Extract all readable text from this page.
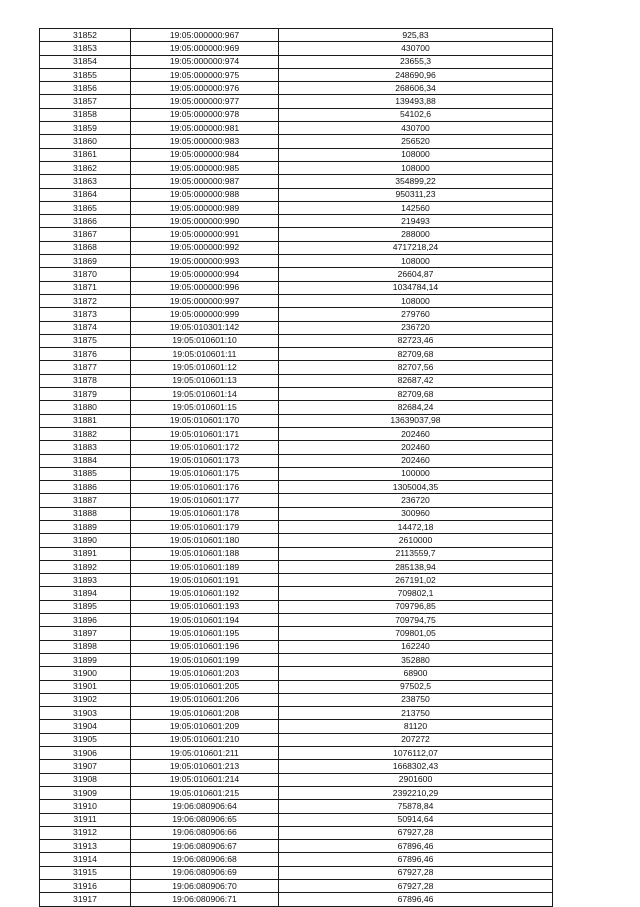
31852	19:05:000000:967	925,83
31853	19:05:000000:969	430700
31854	19:05:000000:974	23655,3
31855	19:05:000000:975	248690,96
31856	19:05:000000:976	268606,34
31857	19:05:000000:977	139493,88
31858	19:05:000000:978	54102,6
31859	19:05:000000:981	430700
31860	19:05:000000:983	256520
31861	19:05:000000:984	108000
31862	19:05:000000:985	108000
31863	19:05:000000:987	354899,22
31864	19:05:000000:988	950311,23
31865	19:05:000000:989	142560
31866	19:05:000000:990	219493
31867	19:05:000000:991	288000
31868	19:05:000000:992	4717218,24
31869	19:05:000000:993	108000
31870	19:05:000000:994	26604,87
31871	19:05:000000:996	1034784,14
31872	19:05:000000:997	108000
31873	19:05:000000:999	279760
31874	19:05:010301:142	236720
31875	19:05:010601:10	82723,46
31876	19:05:010601:11	82709,68
31877	19:05:010601:12	82707,56
31878	19:05:010601:13	82687,42
31879	19:05:010601:14	82709,68
31880	19:05:010601:15	82684,24
31881	19:05:010601:170	13639037,98
31882	19:05:010601:171	202460
31883	19:05:010601:172	202460
31884	19:05:010601:173	202460
31885	19:05:010601:175	100000
31886	19:05:010601:176	1305004,35
31887	19:05:010601:177	236720
31888	19:05:010601:178	300960
31889	19:05:010601:179	14472,18
31890	19:05:010601:180	2610000
31891	19:05:010601:188	2113559,7
31892	19:05:010601:189	285138,94
31893	19:05:010601:191	267191,02
31894	19:05:010601:192	709802,1
31895	19:05:010601:193	709796,85
31896	19:05:010601:194	709794,75
31897	19:05:010601:195	709801,05
31898	19:05:010601:196	162240
31899	19:05:010601:199	352880
31900	19:05:010601:203	68900
31901	19:05:010601:205	97502,5
31902	19:05:010601:206	238750
31903	19:05:010601:208	213750
31904	19:05:010601:209	81120
31905	19:05:010601:210	207272
31906	19:05:010601:211	1076112,07
31907	19:05:010601:213	1668302,43
31908	19:05:010601:214	2901600
31909	19:05:010601:215	2392210,29
31910	19:06:080906:64	75878,84
31911	19:06:080906:65	50914,64
31912	19:06:080906:66	67927,28
31913	19:06:080906:67	67896,46
31914	19:06:080906:68	67896,46
31915	19:06:080906:69	67927,28
31916	19:06:080906:70	67927,28
31917	19:06:080906:71	67896,46
